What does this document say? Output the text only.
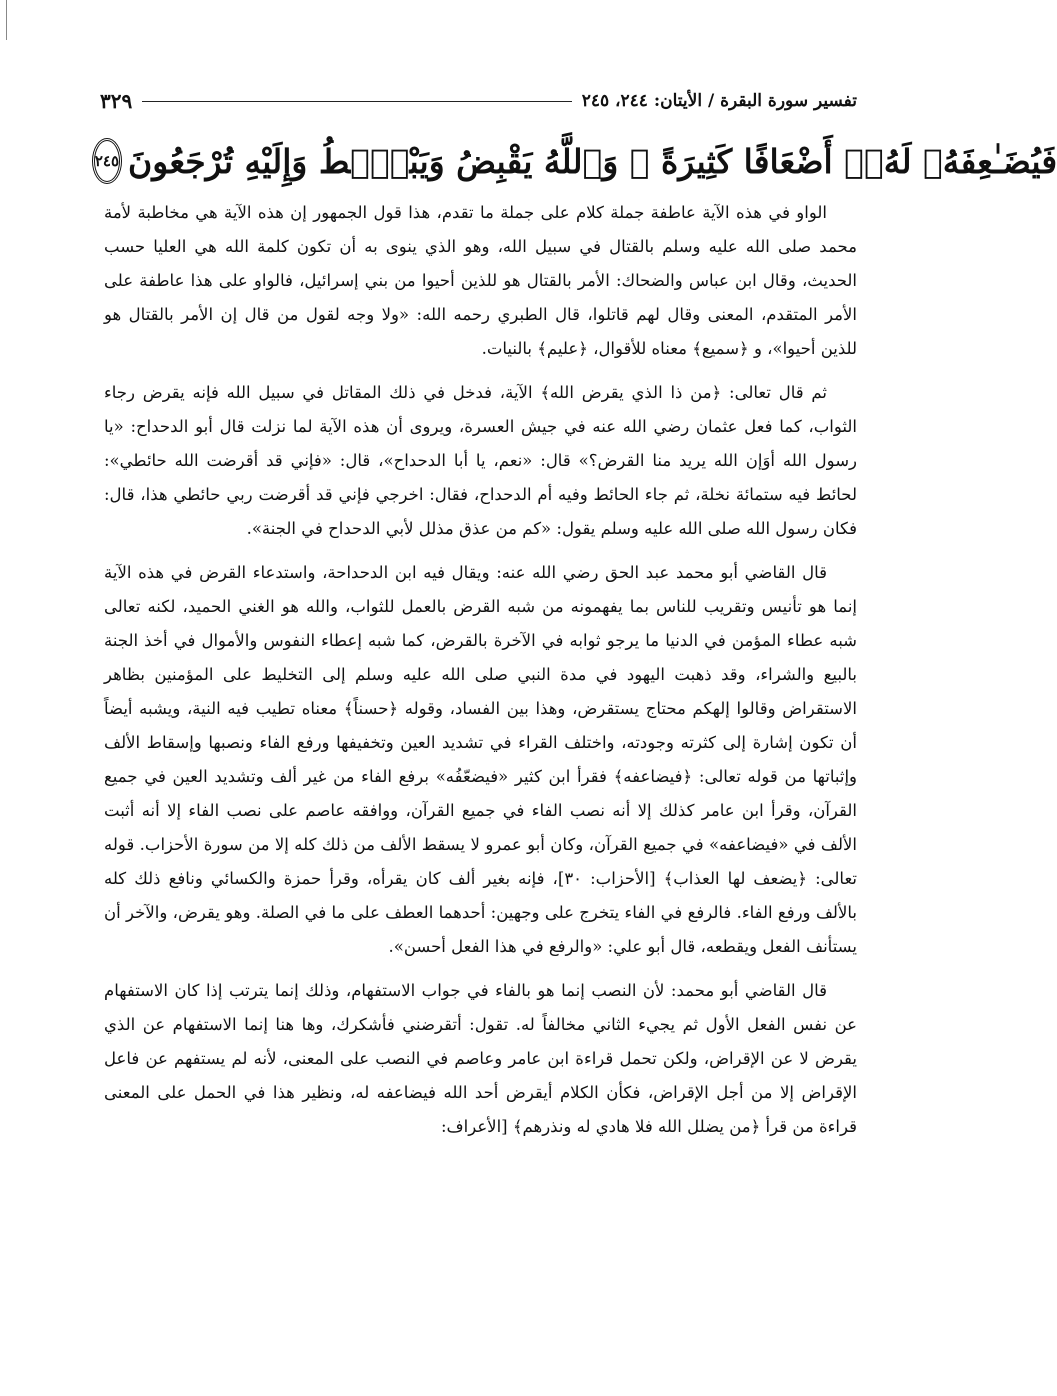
تفسير سورة البقرة / الأيتان: ٢٤٤، ٢٤٥
٣٢٩
فَيُضَـٰعِفَهُۥ لَهُۥٓ أَضْعَافًا كَثِيرَةً ۚ وَٱللَّهُ يَقْبِضُ وَيَبْصُۜطُ وَإِلَيْهِ تُرْجَعُونَ
٢٤٥

الواو في هذه الآية عاطفة جملة كلام على جملة ما تقدم، هذا قول الجمهور إن هذه الآية هي مخاطبة لأمة محمد صلى الله عليه وسلم بالقتال في سبيل الله، وهو الذي ينوى به أن تكون كلمة الله هي العليا حسب الحديث، وقال ابن عباس والضحاك: الأمر بالقتال هو للذين أحيوا من بني إسرائيل، فالواو على هذا عاطفة على الأمر المتقدم، المعنى وقال لهم قاتلوا، قال الطبري رحمه الله: «ولا وجه لقول من قال إن الأمر بالقتال هو للذين أحيوا»، و ﴿سميع﴾ معناه للأقوال، ﴿عليم﴾ بالنيات.

ثم قال تعالى: ﴿من ذا الذي يقرض الله﴾ الآية، فدخل في ذلك المقاتل في سبيل الله فإنه يقرض رجاء الثواب، كما فعل عثمان رضي الله عنه في جيش العسرة، ويروى أن هذه الآية لما نزلت قال أبو الدحداح: «يا رسول الله أوَإن الله يريد منا القرض؟» قال: «نعم، يا أبا الدحداح»، قال: «فإني قد أقرضت الله حائطي»: لحائط فيه ستمائة نخلة، ثم جاء الحائط وفيه أم الدحداح، فقال: اخرجي فإني قد أقرضت ربي حائطي هذا، قال: فكان رسول الله صلى الله عليه وسلم يقول: «كم من عذق مذلل لأبي الدحداح في الجنة».

قال القاضي أبو محمد عبد الحق رضي الله عنه: ويقال فيه ابن الدحداحة، واستدعاء القرض في هذه الآية إنما هو تأنيس وتقريب للناس بما يفهمونه من شبه القرض بالعمل للثواب، والله هو الغني الحميد، لكنه تعالى شبه عطاء المؤمن في الدنيا ما يرجو ثوابه في الآخرة بالقرض، كما شبه إعطاء النفوس والأموال في أخذ الجنة بالبيع والشراء، وقد ذهبت اليهود في مدة النبي صلى الله عليه وسلم إلى التخليط على المؤمنين بظاهر الاستقراض وقالوا إلهكم محتاج يستقرض، وهذا بين الفساد، وقوله ﴿حسناً﴾ معناه تطيب فيه النية، ويشبه أيضاً أن تكون إشارة إلى كثرته وجودته، واختلف القراء في تشديد العين وتخفيفها ورفع الفاء ونصبها وإسقاط الألف وإثباتها من قوله تعالى: ﴿فيضاعفه﴾ فقرأ ابن كثير «فيضعّفُه» برفع الفاء من غير ألف وتشديد العين في جميع القرآن، وقرأ ابن عامر كذلك إلا أنه نصب الفاء في جميع القرآن، ووافقه عاصم على نصب الفاء إلا أنه أثبت الألف في «فيضاعفه» في جميع القرآن، وكان أبو عمرو لا يسقط الألف من ذلك كله إلا من سورة الأحزاب. قوله تعالى: ﴿يضعف لها العذاب﴾ [الأحزاب: ٣٠]، فإنه بغير ألف كان يقرأه، وقرأ حمزة والكسائي ونافع ذلك كله بالألف ورفع الفاء. فالرفع في الفاء يتخرج على وجهين: أحدهما العطف على ما في الصلة. وهو يقرض، والآخر أن يستأنف الفعل ويقطعه، قال أبو علي: «والرفع في هذا الفعل أحسن».

قال القاضي أبو محمد: لأن النصب إنما هو بالفاء في جواب الاستفهام، وذلك إنما يترتب إذا كان الاستفهام عن نفس الفعل الأول ثم يجيء الثاني مخالفاً له. تقول: أتقرضني فأشكرك، وها هنا إنما الاستفهام عن الذي يقرض لا عن الإقراض، ولكن تحمل قراءة ابن عامر وعاصم في النصب على المعنى، لأنه لم يستفهم عن فاعل الإقراض إلا من أجل الإقراض، فكأن الكلام أيقرض أحد الله فيضاعفه له، ونظير هذا في الحمل على المعنى قراءة من قرأ ﴿من يضلل الله فلا هادي له ونذرهم﴾ [الأعراف:
